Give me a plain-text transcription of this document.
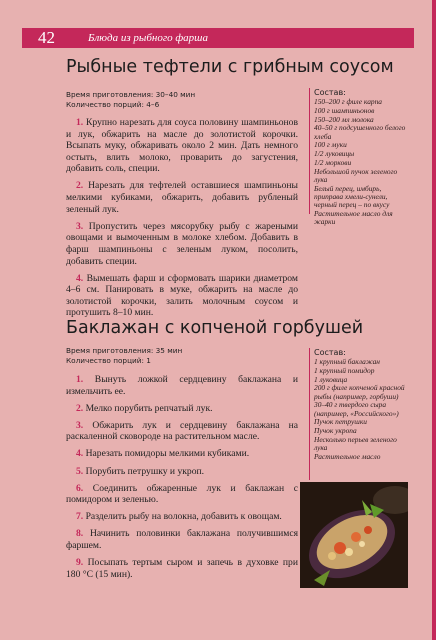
42	Блюда из рыбного фарша
Рыбные тефтели с грибным соусом
Время приготовления: 30–40 мин
Количество порций: 4–6

1. Крупно нарезать для соуса половину шампиньонов и лук, обжарить на масле до золотистой корочки. Всыпать муку, обжаривать около 2 мин. Дать немного остыть, влить молоко, проварить до загустения, добавить соль, специи.

2. Нарезать для тефтелей оставшиеся шампиньоны мелкими кубиками, обжарить, добавить рубленый зеленый лук.

3. Пропустить через мясорубку рыбу с жареными овощами и вымоченным в молоке хлебом. Добавить в фарш шампиньоны с зеленым луком, посолить, добавить специи.

4. Вымешать фарш и сформовать шарики диаметром 4–6 см. Панировать в муке, обжарить на масле до золотистой корочки, залить молочным соусом и протушить 8–10 мин.

Состав:
150–200 г филе карпа
100 г шампиньонов
150–200 мл молока
40–50 г подсушенного белого хлеба
100 г муки
1/2 луковицы
1/2 моркови
Небольшой пучок зеленого лука
Белый перец, имбирь, приправа хмели-сунели, черный перец – по вкусу
Растительное масло для жарки
Баклажан с копченой горбушей
Время приготовления: 35 мин
Количество порций: 1

1. Вынуть ложкой сердцевину баклажана и измельчить ее.

2. Мелко порубить репчатый лук.

3. Обжарить лук и сердцевину баклажана на раскаленной сковороде на растительном масле.

4. Нарезать помидоры мелкими кубиками.

5. Порубить петрушку и укроп.

6. Соединить обжаренные лук и баклажан с помидором и зеленью.

7. Разделить рыбу на волокна, добавить к овощам.

8. Начинить половинки баклажана получившимся фаршем.

9. Посыпать тертым сыром и запечь в духовке при 180 °С (15 мин).

Состав:
1 крупный баклажан
1 крупный помидор
1 луковица
200 г филе копченой красной рыбы (например, горбуши)
30–40 г твердого сыра (например, «Российского»)
Пучок петрушки
Пучок укропа
Несколько перьев зеленого лука
Растительное масло
